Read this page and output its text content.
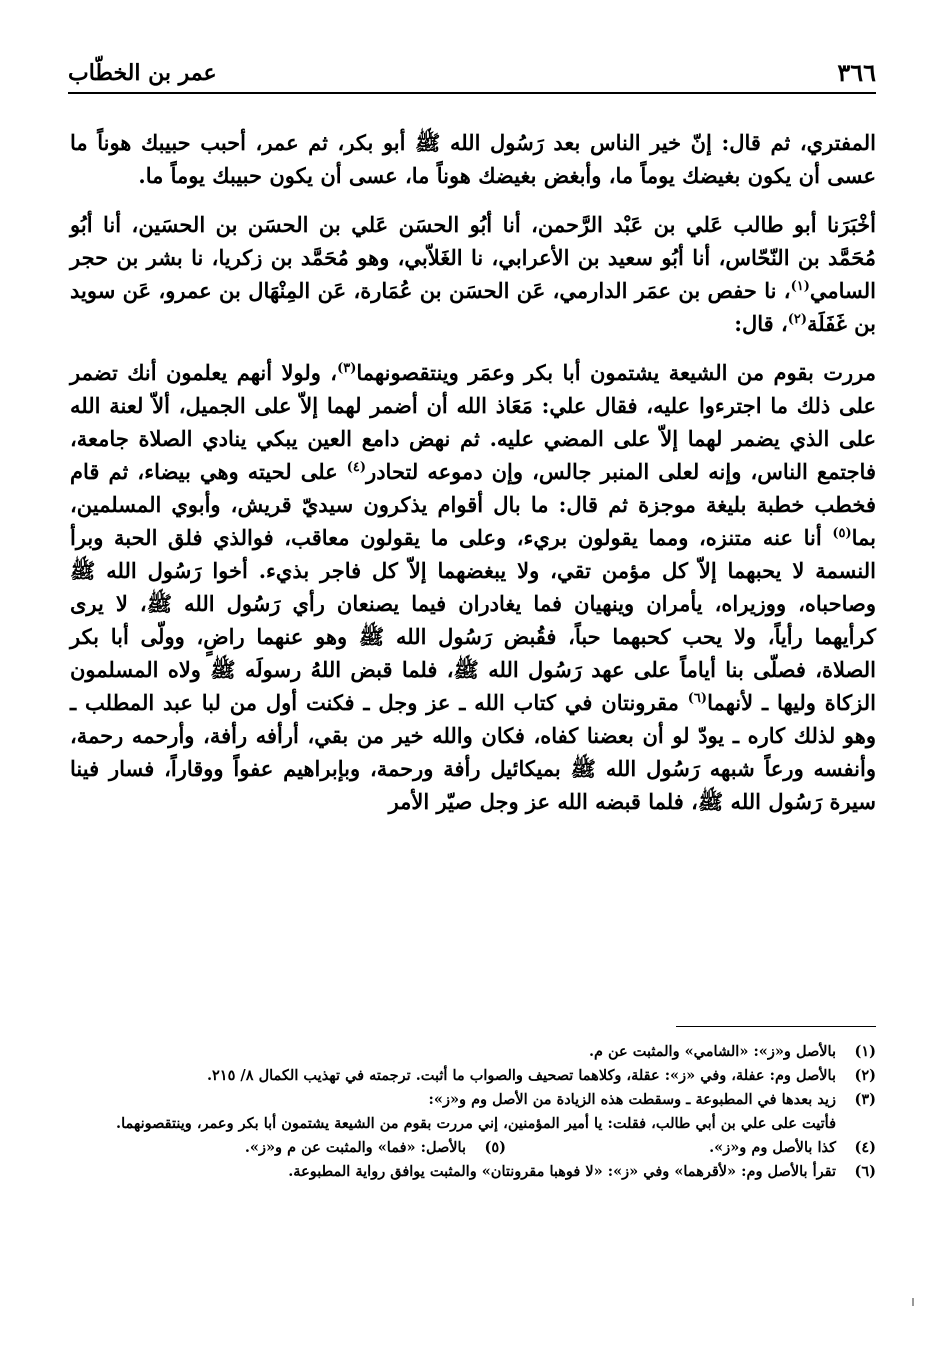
٣٦٦
عمر بن الخطّاب

المفتري، ثم قال: إنّ خير الناس بعد رَسُول الله ﷺ أبو بكر، ثم عمر، أحبب حبيبك هوناً ما عسى أن يكون بغيضك يوماً ما، وأبغض بغيضك هوناً ما، عسى أن يكون حبيبك يوماً ما.

أخْبَرَنا أبو طالب عَلي بن عَبْد الرَّحمن، أنا أبُو الحسَن عَلي بن الحسَن بن الحسَين، أنا أبُو مُحَمَّد بن النّحّاس، أنا أبُو سعيد بن الأعرابي، نا الغَلاّبي، وهو مُحَمَّد بن زكريا، نا بشر بن حجر السامي$^{(١)}$، نا حفص بن عمَر الدارمي، عَن الحسَن بن عُمَارة، عَن المِنْهَال بن عمرو، عَن سويد بن غَفَلَة$^{(٢)}$، قال:

مررت بقوم من الشيعة يشتمون أبا بكر وعمَر وينتقصونهما$^{(٣)}$، ولولا أنهم يعلمون أنك تضمر على ذلك ما اجترءوا عليه، فقال علي: مَعَاذ الله أن أضمر لهما إلاّ على الجميل، ألاّ لعنة الله على الذي يضمر لهما إلاّ على المضي عليه. ثم نهض دامع العين يبكي ينادي الصلاة جامعة، فاجتمع الناس، وإنه لعلى المنبر جالس، وإن دموعه لتحادر$^{(٤)}$ على لحيته وهي بيضاء، ثم قام فخطب خطبة بليغة موجزة ثم قال: ما بال أقوام يذكرون سيديّ قريش، وأبوي المسلمين، بما$^{(٥)}$ أنا عنه متنزه، ومما يقولون بريء، وعلى ما يقولون معاقب، فوالذي فلق الحبة وبرأ النسمة لا يحبهما إلاّ كل مؤمن تقي، ولا يبغضهما إلاّ كل فاجر بذيء. أخوا رَسُول الله ﷺ وصاحباه، ووزيراه، يأمران وينهيان فما يغادران فيما يصنعان رأي رَسُول الله ﷺ، لا يرى كرأيهما رأياً، ولا يحب كحبهما حباً، فقُبض رَسُول الله ﷺ وهو عنهما راضٍ، وولّى أبا بكر الصلاة، فصلّى بنا أياماً على عهد رَسُول الله ﷺ، فلما قبض اللهُ رسولَه ﷺ ولاه المسلمون الزكاة وليها ـ لأنهما$^{(٦)}$ مقرونتان في كتاب الله ـ عز وجل ـ فكنت أول من لبا عبد المطلب ـ وهو لذلك كاره ـ يودّ لو أن بعضنا كفاه، فكان والله خير من بقي، أرأفه رأفة، وأرحمه رحمة، وأنفسه ورعاً شبهه رَسُول الله ﷺ بميكائيل رأفة ورحمة، وبإبراهيم عفواً ووقاراً، فسار فينا سيرة رَسُول الله ﷺ، فلما قبضه الله عز وجل صيّر الأمر

(١)
بالأصل و«ز»: «الشامي» والمثبت عن م.
(٢)
بالأصل وم: عفلة، وفي «ز»: عقلة، وكلاهما تصحيف والصواب ما أثبت. ترجمته في تهذيب الكمال ٨/ ٢١٥.
(٣)
زيد بعدها في المطبوعة ـ وسقطت هذه الزيادة من الأصل وم و«ز»:
فأتيت على علي بن أبي طالب، فقلت: يا أمير المؤمنين، إني مررت بقوم من الشيعة يشتمون أبا بكر وعمر، وينتقصونهما.
(٤)
كذا بالأصل وم و«ز».
(٥)
بالأصل: «فما» والمثبت عن م و«ز».
(٦)
تقرأ بالأصل وم: «لأقرهما» وفي «ز»: «لا فوهبا مقرونتان» والمثبت يوافق رواية المطبوعة.
